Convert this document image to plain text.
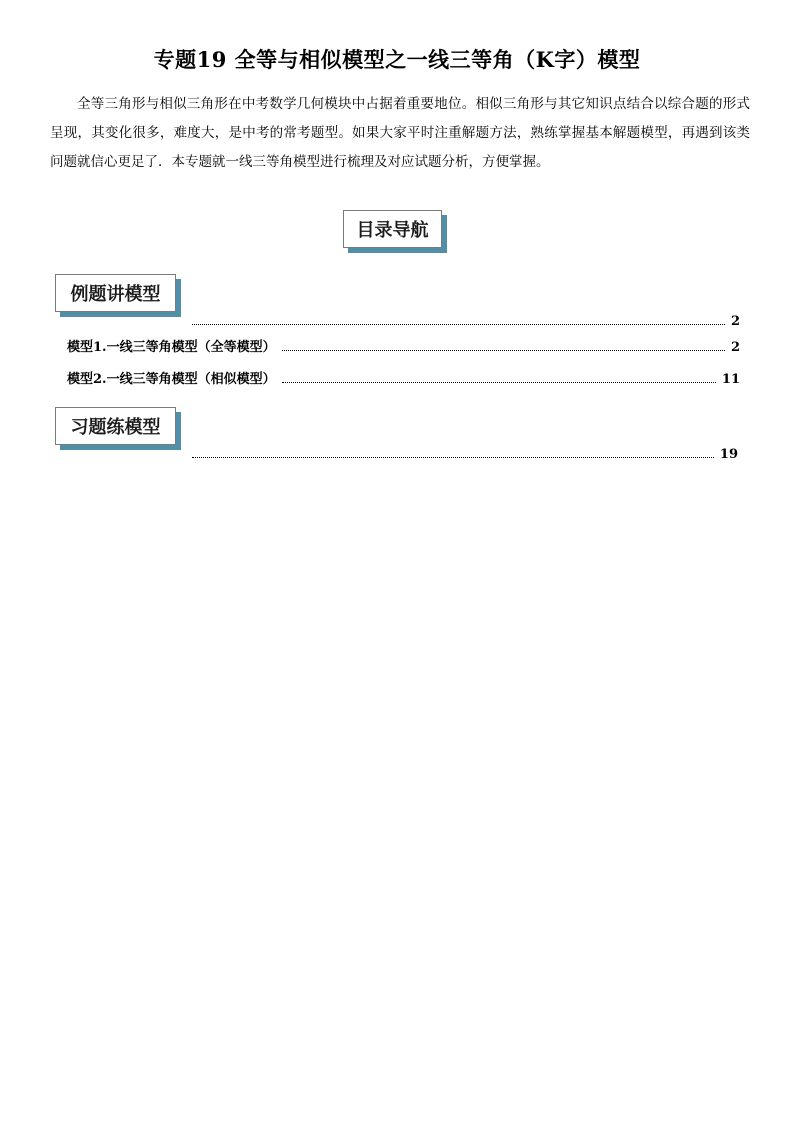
专题19 全等与相似模型之一线三等角（K字）模型
全等三角形与相似三角形在中考数学几何模块中占据着重要地位。相似三角形与其它知识点结合以综合题的形式呈现，其变化很多，难度大，是中考的常考题型。如果大家平时注重解题方法，熟练掌握基本解题模型，再遇到该类问题就信心更足了．本专题就一线三等角模型进行梳理及对应试题分析，方便掌握。
目录导航
例题讲模型
2
模型1.一线三等角模型（全等模型）	2
模型2.一线三等角模型（相似模型）	11
习题练模型
19
